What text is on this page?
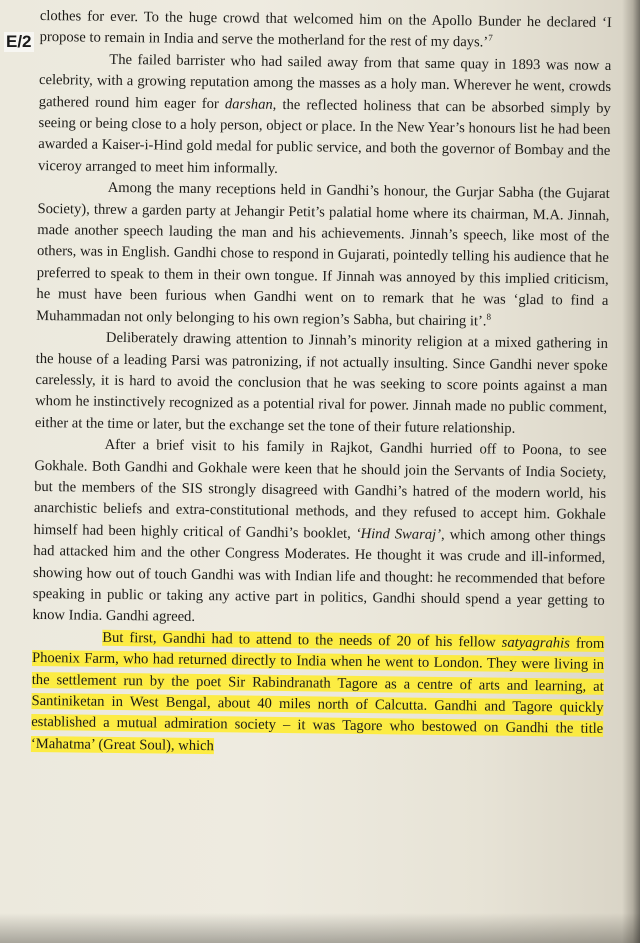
clothes for ever. To the huge crowd that welcomed him on the Apollo Bunder he declared ‘I propose to remain in India and serve the motherland for the rest of my days.’$^7$

The failed barrister who had sailed away from that same quay in 1893 was now a celebrity, with a growing reputation among the masses as a holy man. Wherever he went, crowds gathered round him eager for darshan, the reflected holiness that can be absorbed simply by seeing or being close to a holy person, object or place. In the New Year’s honours list he had been awarded a Kaiser-i-Hind gold medal for public service, and both the governor of Bombay and the viceroy arranged to meet him informally.

Among the many receptions held in Gandhi’s honour, the Gurjar Sabha (the Gujarat Society), threw a garden party at Jehangir Petit’s palatial home where its chairman, M.A. Jinnah, made another speech lauding the man and his achievements. Jinnah’s speech, like most of the others, was in English. Gandhi chose to respond in Gujarati, pointedly telling his audience that he preferred to speak to them in their own tongue. If Jinnah was annoyed by this implied criticism, he must have been furious when Gandhi went on to remark that he was ‘glad to find a Muhammadan not only belonging to his own region’s Sabha, but chairing it’.$^8$

Deliberately drawing attention to Jinnah’s minority religion at a mixed gathering in the house of a leading Parsi was patronizing, if not actually insulting. Since Gandhi never spoke carelessly, it is hard to avoid the conclusion that he was seeking to score points against a man whom he instinctively recognized as a potential rival for power. Jinnah made no public comment, either at the time or later, but the exchange set the tone of their future relationship.

After a brief visit to his family in Rajkot, Gandhi hurried off to Poona, to see Gokhale. Both Gandhi and Gokhale were keen that he should join the Servants of India Society, but the members of the SIS strongly disagreed with Gandhi’s hatred of the modern world, his anarchistic beliefs and extra-constitutional methods, and they refused to accept him. Gokhale himself had been highly critical of Gandhi’s booklet, ‘Hind Swaraj’, which among other things had attacked him and the other Congress Moderates. He thought it was crude and ill-informed, showing how out of touch Gandhi was with Indian life and thought: he recommended that before speaking in public or taking any active part in politics, Gandhi should spend a year getting to know India. Gandhi agreed.

But first, Gandhi had to attend to the needs of 20 of his fellow satyagrahis from Phoenix Farm, who had returned directly to India when he went to London. They were living in the settlement run by the poet Sir Rabindranath Tagore as a centre of arts and learning, at Santiniketan in West Bengal, about 40 miles north of Calcutta. Gandhi and Tagore quickly established a mutual admiration society – it was Tagore who bestowed on Gandhi the title ‘Mahatma’ (Great Soul), which

E/2
